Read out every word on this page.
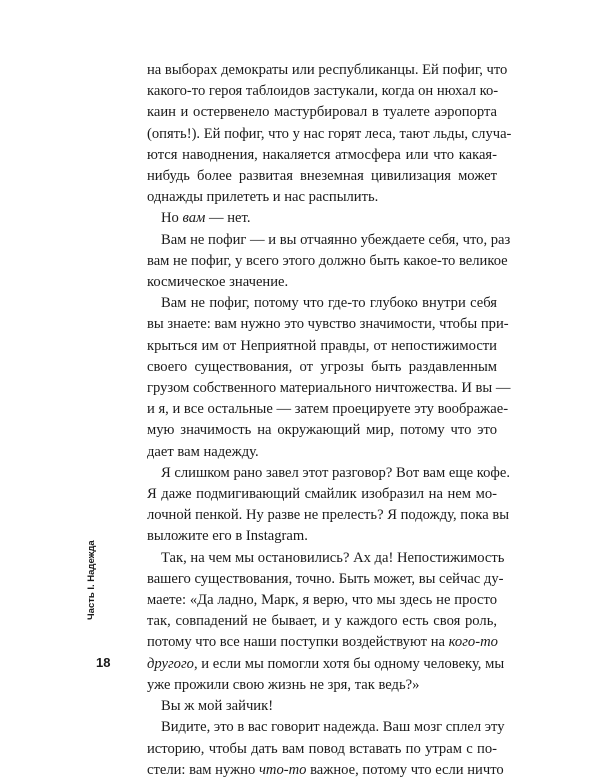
на выборах демократы или республиканцы. Ей пофиг, что
какого-то героя таблоидов застукали, когда он нюхал ко-
каин и остервенело мастурбировал в туалете аэропорта
(опять!). Ей пофиг, что у нас горят леса, тают льды, случа-
ются наводнения, накаляется атмосфера или что какая-
нибудь более развитая внеземная цивилизация может
однажды прилететь и нас распылить.

Но вам — нет.

Вам не пофиг — и вы отчаянно убеждаете себя, что, раз
вам не пофиг, у всего этого должно быть какое-то великое
космическое значение.

Вам не пофиг, потому что где-то глубоко внутри себя
вы знаете: вам нужно это чувство значимости, чтобы при-
крыться им от Неприятной правды, от непостижимости
своего существования, от угрозы быть раздавленным
грузом собственного материального ничтожества. И вы —
и я, и все остальные — затем проецируете эту воображае-
мую значимость на окружающий мир, потому что это
дает вам надежду.

Я слишком рано завел этот разговор? Вот вам еще кофе.
Я даже подмигивающий смайлик изобразил на нем мо-
лочной пенкой. Ну разве не прелесть? Я подожду, пока вы
выложите его в Instagram.

Так, на чем мы остановились? Ах да! Непостижимость
вашего существования, точно. Быть может, вы сейчас ду-
маете: «Да ладно, Марк, я верю, что мы здесь не просто
так, совпадений не бывает, и у каждого есть своя роль,
потому что все наши поступки воздействуют на кого-то
другого, и если мы помогли хотя бы одному человеку, мы
уже прожили свою жизнь не зря, так ведь?»

Вы ж мой зайчик!

Видите, это в вас говорит надежда. Ваш мозг сплел эту
историю, чтобы дать вам повод вставать по утрам с по-
стели: вам нужно что-то важное, потому что если ничто

Часть I. Надежда
18
